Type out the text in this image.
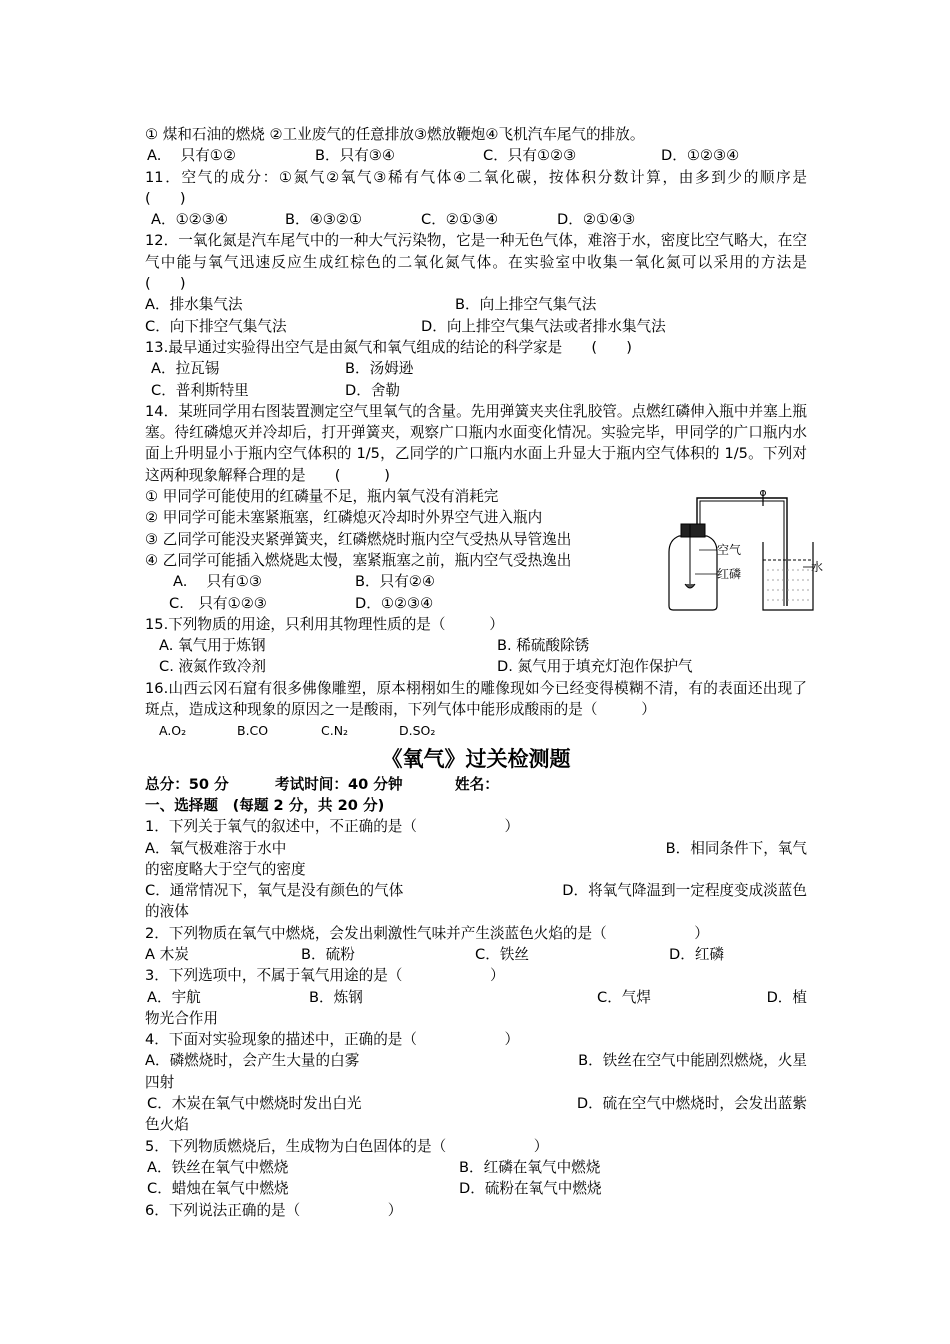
① 煤和石油的燃烧 ②工业废气的任意排放③燃放鞭炮④飞机汽车尾气的排放。
A.　 只有①②	B．只有③④	C．只有①②③	D．①②③④
11．空气的成分：①氮气②氧气③稀有气体④二氧化碳，按体积分数计算，由多到少的顺序是　　(　　)
A．①②③④	B．④③②①	C．②①③④	D．②①④③
12．一氧化氮是汽车尾气中的一种大气污染物，它是一种无色气体，难溶于水，密度比空气略大，在空气中能与氧气迅速反应生成红棕色的二氧化氮气体。在实验室中收集一氧化氮可以采用的方法是　　(　　)
A．排水集气法	B．向上排空气集气法
C．向下排空气集气法	D．向上排空气集气法或者排水集气法
13.最早通过实验得出空气是由氮气和氧气组成的结论的科学家是　　(　　)
A．拉瓦锡	B．汤姆逊
C．普利斯特里	D．舍勒
14．某班同学用右图装置测定空气里氧气的含量。先用弹簧夹夹住乳胶管。点燃红磷伸入瓶中并塞上瓶塞。待红磷熄灭并冷却后，打开弹簧夹，观察广口瓶内水面变化情况。实验完毕，甲同学的广口瓶内水面上升明显小于瓶内空气体积的 1/5，乙同学的广口瓶内水面上升显大于瓶内空气体积的 1/5。下列对这两种现象解释合理的是　　(　　　)
① 甲同学可能使用的红磷量不足，瓶内氧气没有消耗完
② 甲同学可能未塞紧瓶塞，红磷熄灭冷却时外界空气进入瓶内
③ 乙同学可能没夹紧弹簧夹，红磷燃烧时瓶内空气受热从导管逸出
④ 乙同学可能插入燃烧匙太慢，塞紧瓶塞之前，瓶内空气受热逸出
A.　 只有①③	B．只有②④
C.　只有①②③	D．①②③④
空气
红磷	水
15.下列物质的用途，只利用其物理性质的是（　　　）
A. 氧气用于炼钢	B. 稀硫酸除锈
C. 液氮作致冷剂	D. 氮气用于填充灯泡作保护气
16.山西云冈石窟有很多佛像雕塑，原本栩栩如生的雕像现如今已经变得模糊不清，有的表面还出现了斑点，造成这种现象的原因之一是酸雨，下列气体中能形成酸雨的是（　　　）
A.O₂	B.CO	C.N₂	D.SO₂
《氧气》过关检测题
总分：50 分	考试时间：40 分钟	姓名：
一、选择题　(每题 2 分，共 20 分)
1．下列关于氧气的叙述中，不正确的是（　　　　　　）
A．氧气极难溶于水中	B．相同条件下，氧气
的密度略大于空气的密度
C．通常情况下，氧气是没有颜色的气体	D．将氧气降温到一定程度变成淡蓝色
的液体
2．下列物质在氧气中燃烧，会发出刺激性气味并产生淡蓝色火焰的是（　　　　　　）
A 木炭	B．硫粉	C．铁丝	D．红磷
3．下列选项中，不属于氧气用途的是（　　　　　　）
A．宇航	B．炼钢	C．气焊	D．植
物光合作用
4．下面对实验现象的描述中，正确的是（　　　　　　）
A．磷燃烧时，会产生大量的白雾	B．铁丝在空气中能剧烈燃烧，火星
四射
C．木炭在氧气中燃烧时发出白光	D．硫在空气中燃烧时，会发出蓝紫
色火焰
5．下列物质燃烧后，生成物为白色固体的是（　　　　　　）
A．铁丝在氧气中燃烧	B．红磷在氧气中燃烧
C．蜡烛在氧气中燃烧	D．硫粉在氧气中燃烧
6．下列说法正确的是（　　　　　　）
